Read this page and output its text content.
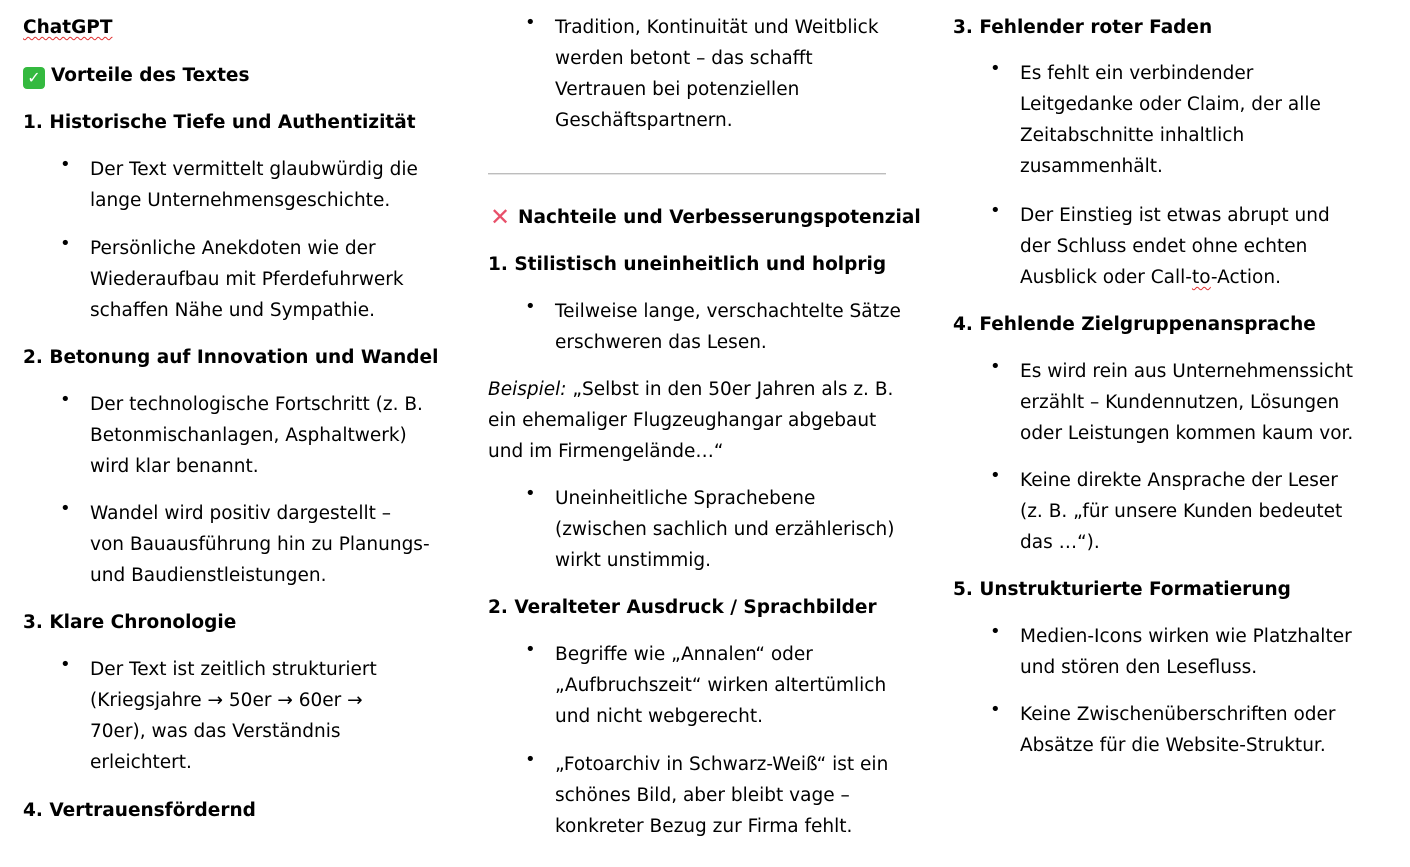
ChatGPT
✓ Vorteile des Textes
1. Historische Tiefe und Authentizität
• Der Text vermittelt glaubwürdig die
lange Unternehmensgeschichte.
• Persönliche Anekdoten wie der
Wiederaufbau mit Pferdefuhrwerk
schaffen Nähe und Sympathie.
2. Betonung auf Innovation und Wandel
• Der technologische Fortschritt (z. B.
Betonmischanlagen, Asphaltwerk)
wird klar benannt.
• Wandel wird positiv dargestellt –
von Bauausführung hin zu Planungs-
und Baudienstleistungen.
3. Klare Chronologie
• Der Text ist zeitlich strukturiert
(Kriegsjahre → 50er → 60er →
70er), was das Verständnis
erleichtert.
4. Vertrauensfördernd
• Tradition, Kontinuität und Weitblick
werden betont – das schafft
Vertrauen bei potenziellen
Geschäftspartnern.
✕ Nachteile und Verbesserungspotenzial
1. Stilistisch uneinheitlich und holprig
• Teilweise lange, verschachtelte Sätze
erschweren das Lesen.
Beispiel: „Selbst in den 50er Jahren als z. B.
ein ehemaliger Flugzeughangar abgebaut
und im Firmengelände…“
• Uneinheitliche Sprachebene
(zwischen sachlich und erzählerisch)
wirkt unstimmig.
2. Veralteter Ausdruck / Sprachbilder
• Begriffe wie „Annalen“ oder
„Aufbruchszeit“ wirken altertümlich
und nicht webgerecht.
• „Fotoarchiv in Schwarz-Weiß“ ist ein
schönes Bild, aber bleibt vage –
konkreter Bezug zur Firma fehlt.
3. Fehlender roter Faden
• Es fehlt ein verbindender
Leitgedanke oder Claim, der alle
Zeitabschnitte inhaltlich
zusammenhält.
• Der Einstieg ist etwas abrupt und
der Schluss endet ohne echten
Ausblick oder Call-to-Action.
4. Fehlende Zielgruppenansprache
• Es wird rein aus Unternehmenssicht
erzählt – Kundennutzen, Lösungen
oder Leistungen kommen kaum vor.
• Keine direkte Ansprache der Leser
(z. B. „für unsere Kunden bedeutet
das …“).
5. Unstrukturierte Formatierung
• Medien-Icons wirken wie Platzhalter
und stören den Lesefluss.
• Keine Zwischenüberschriften oder
Absätze für die Website-Struktur.
